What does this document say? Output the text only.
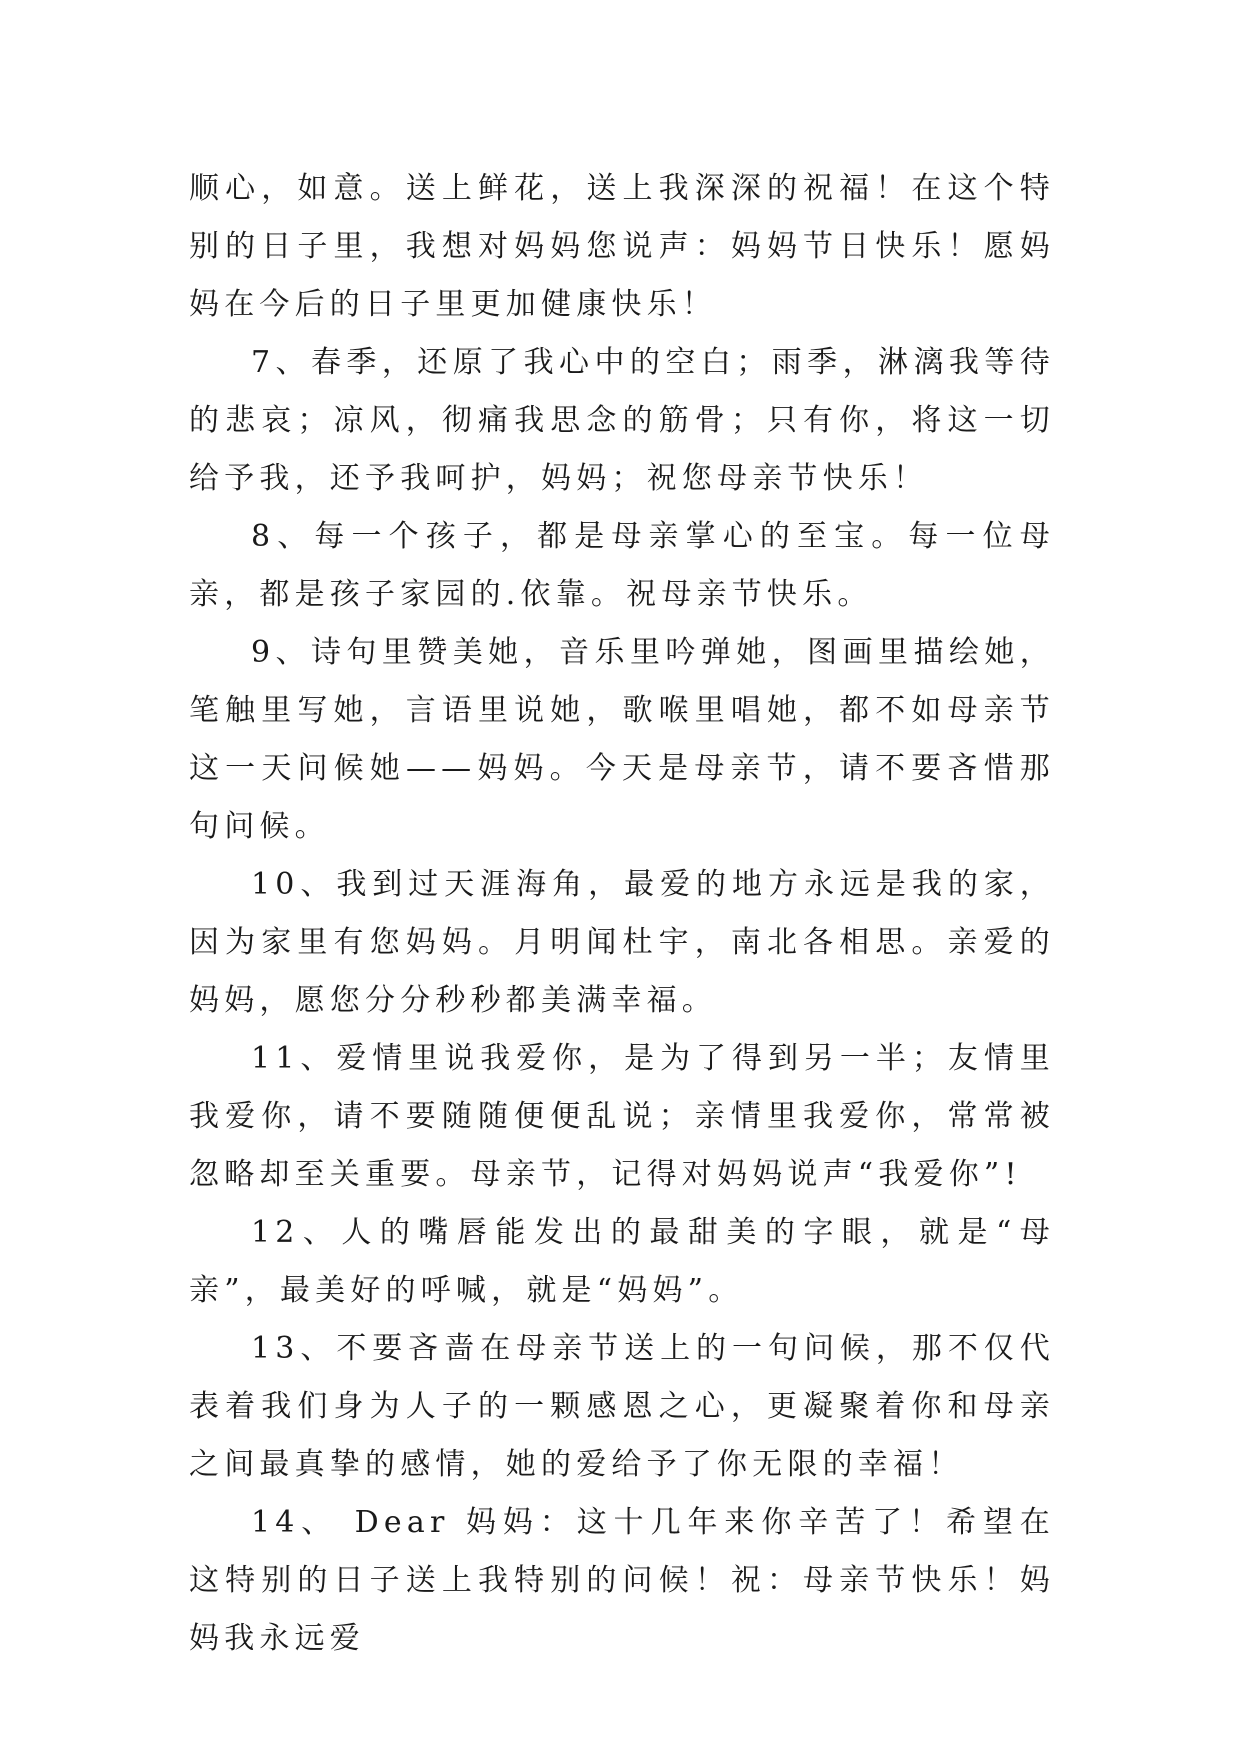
顺心，如意。送上鲜花，送上我深深的祝福！在这个特别的日子里，我想对妈妈您说声：妈妈节日快乐！愿妈妈在今后的日子里更加健康快乐！

7、春季，还原了我心中的空白；雨季，淋漓我等待的悲哀；凉风，彻痛我思念的筋骨；只有你，将这一切给予我，还予我呵护，妈妈；祝您母亲节快乐！

8、每一个孩子，都是母亲掌心的至宝。每一位母亲，都是孩子家园的.依靠。祝母亲节快乐。

9、诗句里赞美她，音乐里吟弹她，图画里描绘她，笔触里写她，言语里说她，歌喉里唱她，都不如母亲节这一天问候她——妈妈。今天是母亲节，请不要吝惜那句问候。

10、我到过天涯海角，最爱的地方永远是我的家，因为家里有您妈妈。月明闻杜宇，南北各相思。亲爱的妈妈，愿您分分秒秒都美满幸福。

11、爱情里说我爱你，是为了得到另一半；友情里我爱你，请不要随随便便乱说；亲情里我爱你，常常被忽略却至关重要。母亲节，记得对妈妈说声“我爱你”!

12、人的嘴唇能发出的最甜美的字眼，就是“母亲”，最美好的呼喊，就是“妈妈”。

13、不要吝啬在母亲节送上的一句问候，那不仅代表着我们身为人子的一颗感恩之心，更凝聚着你和母亲之间最真挚的感情，她的爱给予了你无限的幸福！

14、 Dear 妈妈：这十几年来你辛苦了！希望在这特别的日子送上我特别的问候！祝：母亲节快乐！妈妈我永远爱
